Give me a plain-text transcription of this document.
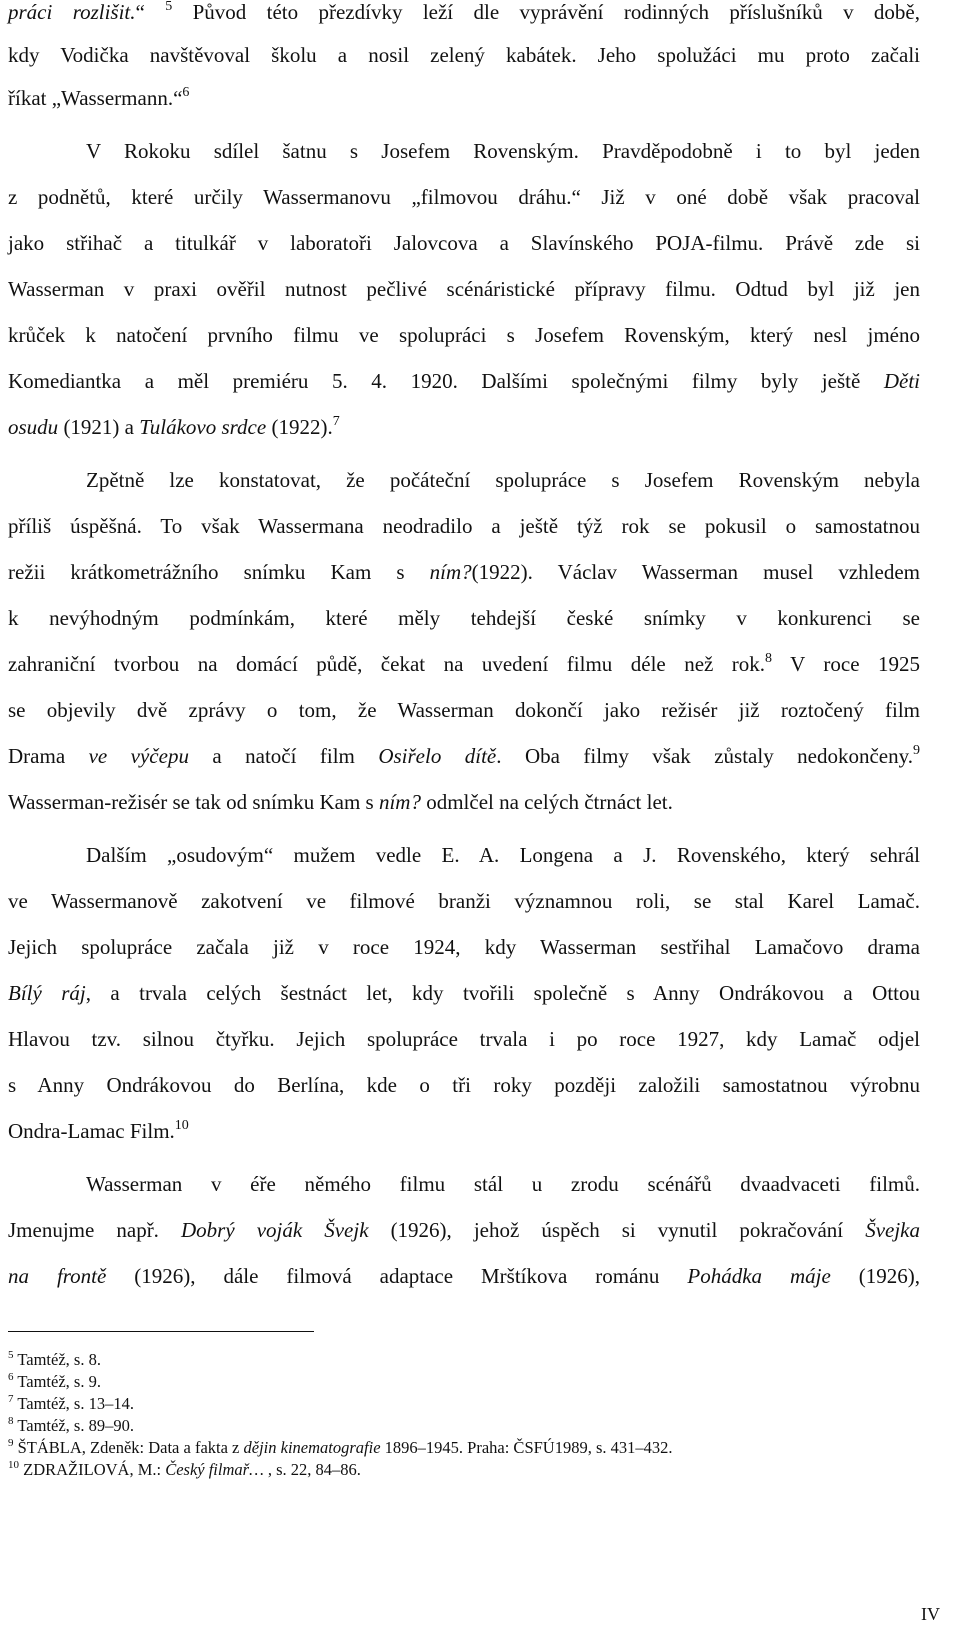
práci rozlišit.“ $^5$ Původ této přezdívky leží dle vyprávění rodinných příslušníků v době,
kdy Vodička navštěvoval školu a nosil zelený kabátek. Jeho spolužáci mu proto začali
říkat „Wassermann.“$^6$
V Rokoku sdílel šatnu s Josefem Rovenským. Pravděpodobně i to byl jeden
z podnětů, které určily Wassermanovu „filmovou dráhu.“ Již v oné době však pracoval
jako střihač a titulkář v laboratoři Jalovcova a Slavínského POJA-filmu. Právě zde si
Wasserman v praxi ověřil nutnost pečlivé scénáristické přípravy filmu. Odtud byl již jen
krůček k natočení prvního filmu ve spolupráci s Josefem Rovenským, který nesl jméno
Komediantka a měl premiéru 5. 4. 1920. Dalšími společnými filmy byly ještě Děti
osudu (1921) a Tulákovo srdce (1922).$^7$
Zpětně lze konstatovat, že počáteční spolupráce s Josefem Rovenským nebyla
příliš úspěšná. To však Wassermana neodradilo a ještě týž rok se pokusil o samostatnou
režii krátkometrážního snímku Kam s ním?(1922). Václav Wasserman musel vzhledem
k nevýhodným podmínkám, které měly tehdejší české snímky v konkurenci se
zahraniční tvorbou na domácí půdě, čekat na uvedení filmu déle než rok.$^8$ V roce 1925
se objevily dvě zprávy o tom, že Wasserman dokončí jako režisér již roztočený film
Drama ve výčepu a natočí film Osiřelo dítě. Oba filmy však zůstaly nedokončeny.$^9$
Wasserman-režisér se tak od snímku Kam s ním? odmlčel na celých čtrnáct let.
Dalším „osudovým“ mužem vedle E. A. Longena a J. Rovenského, který sehrál
ve Wassermanově zakotvení ve filmové branži významnou roli, se stal Karel Lamač.
Jejich spolupráce začala již v roce 1924, kdy Wasserman sestřihal Lamačovo drama
Bílý ráj, a trvala celých šestnáct let, kdy tvořili společně s Anny Ondrákovou a Ottou
Hlavou tzv. silnou čtyřku. Jejich spolupráce trvala i po roce 1927, kdy Lamač odjel
s Anny Ondrákovou do Berlína, kde o tři roky později založili samostatnou výrobnu
Ondra-Lamac Film.$^{10}$
Wasserman v éře němého filmu stál u zrodu scénářů dvaadvaceti filmů.
Jmenujme např. Dobrý voják Švejk (1926), jehož úspěch si vynutil pokračování Švejka
na frontě (1926), dále filmová adaptace Mrštíkova románu Pohádka máje (1926),
$^5$ Tamtéž, s. 8.
$^6$ Tamtéž, s. 9.
$^7$ Tamtéž, s. 13–14.
$^8$ Tamtéž, s. 89–90.
$^9$ ŠTÁBLA, Zdeněk: Data a fakta z dějin kinematografie 1896–1945. Praha: ČSFÚ1989, s. 431–432.
$^{10}$ ZDRAŽILOVÁ, M.: Český filmař… , s. 22, 84–86.
IV
